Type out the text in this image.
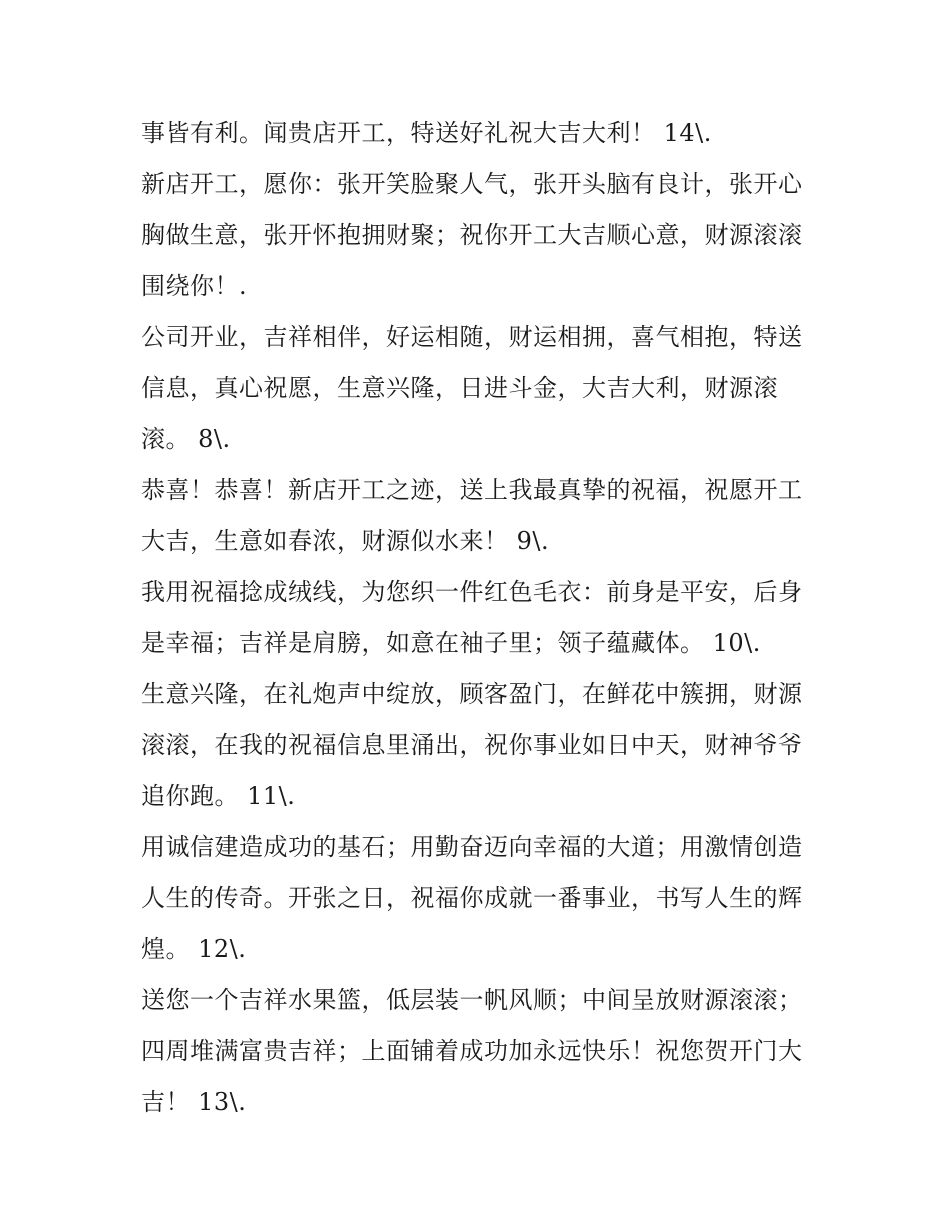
事皆有利。闻贵店开工，特送好礼祝大吉大利！ 14\.
新店开工，愿你：张开笑脸聚人气，张开头脑有良计，张开心
胸做生意，张开怀抱拥财聚；祝你开工大吉顺心意，财源滚滚
围绕你！.
公司开业，吉祥相伴，好运相随，财运相拥，喜气相抱，特送
信息，真心祝愿，生意兴隆，日进斗金，大吉大利，财源滚
滚。 8\.
恭喜！恭喜！新店开工之迹，送上我最真挚的祝福，祝愿开工
大吉，生意如春浓，财源似水来！ 9\.
我用祝福捻成绒线，为您织一件红色毛衣：前身是平安，后身
是幸福；吉祥是肩膀，如意在袖子里；领子蕴藏体。 10\.
生意兴隆，在礼炮声中绽放，顾客盈门，在鲜花中簇拥，财源
滚滚，在我的祝福信息里涌出，祝你事业如日中天，财神爷爷
追你跑。 11\.
用诚信建造成功的基石；用勤奋迈向幸福的大道；用激情创造
人生的传奇。开张之日，祝福你成就一番事业，书写人生的辉
煌。 12\.
送您一个吉祥水果篮，低层装一帆风顺；中间呈放财源滚滚；
四周堆满富贵吉祥；上面铺着成功加永远快乐！祝您贺开门大
吉！ 13\.
